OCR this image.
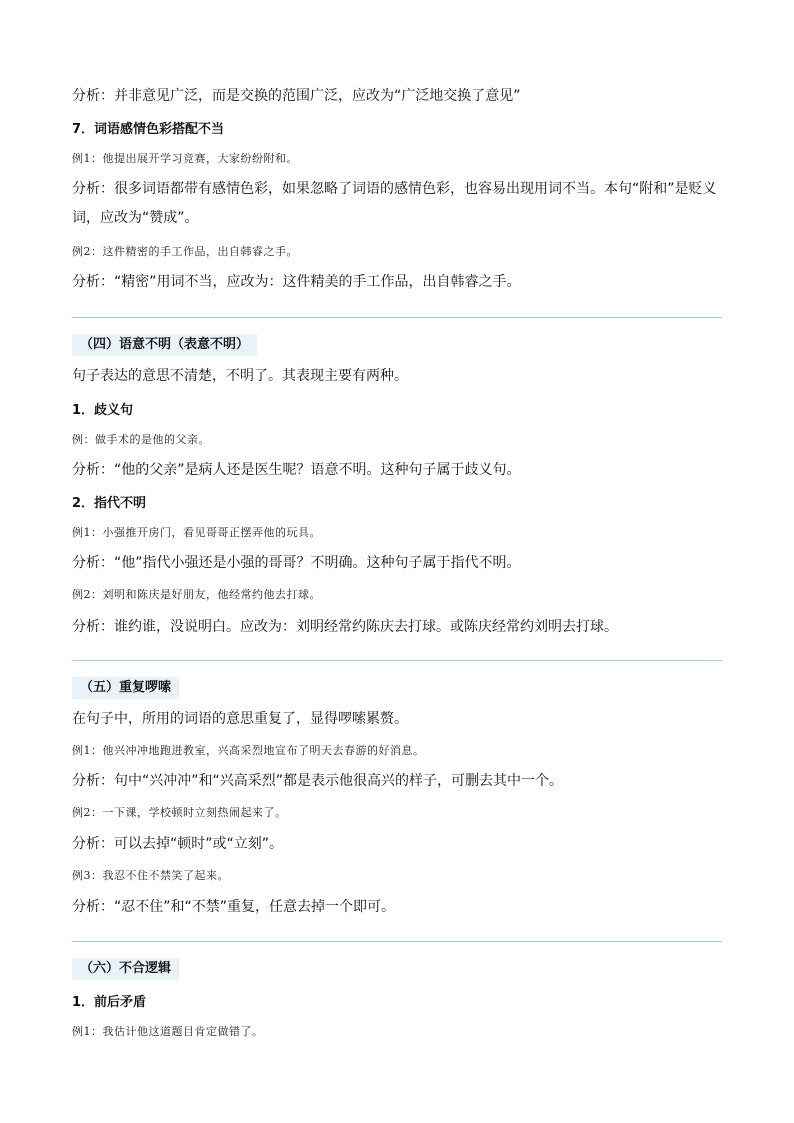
分析：并非意见广泛，而是交换的范围广泛，应改为“广泛地交换了意见”
7．词语感情色彩搭配不当
例1：他提出展开学习竞赛，大家纷纷附和。
分析：很多词语都带有感情色彩，如果忽略了词语的感情色彩，也容易出现用词不当。本句“附和”是贬义词，应改为“赞成”。
例2：这件精密的手工作品，出自韩睿之手。
分析：“精密”用词不当，应改为：这件精美的手工作品，出自韩睿之手。
（四）语意不明（表意不明）
句子表达的意思不清楚，不明了。其表现主要有两种。
1．歧义句
例：做手术的是他的父亲。
分析：“他的父亲”是病人还是医生呢？语意不明。这种句子属于歧义句。
2．指代不明
例1：小强推开房门，看见哥哥正摆弄他的玩具。
分析：“他”指代小强还是小强的哥哥？不明确。这种句子属于指代不明。
例2：刘明和陈庆是好朋友，他经常约他去打球。
分析：谁约谁，没说明白。应改为：刘明经常约陈庆去打球。或陈庆经常约刘明去打球。
（五）重复啰嗦
在句子中，所用的词语的意思重复了，显得啰嗦累赘。
例1：他兴冲冲地跑进教室，兴高采烈地宣布了明天去春游的好消息。
分析：句中“兴冲冲”和“兴高采烈”都是表示他很高兴的样子，可删去其中一个。
例2：一下课，学校顿时立刻热闹起来了。
分析：可以去掉“顿时”或“立刻”。
例3：我忍不住不禁笑了起来。
分析：“忍不住”和“不禁”重复，任意去掉一个即可。
（六）不合逻辑
1．前后矛盾
例1：我估计他这道题目肯定做错了。
